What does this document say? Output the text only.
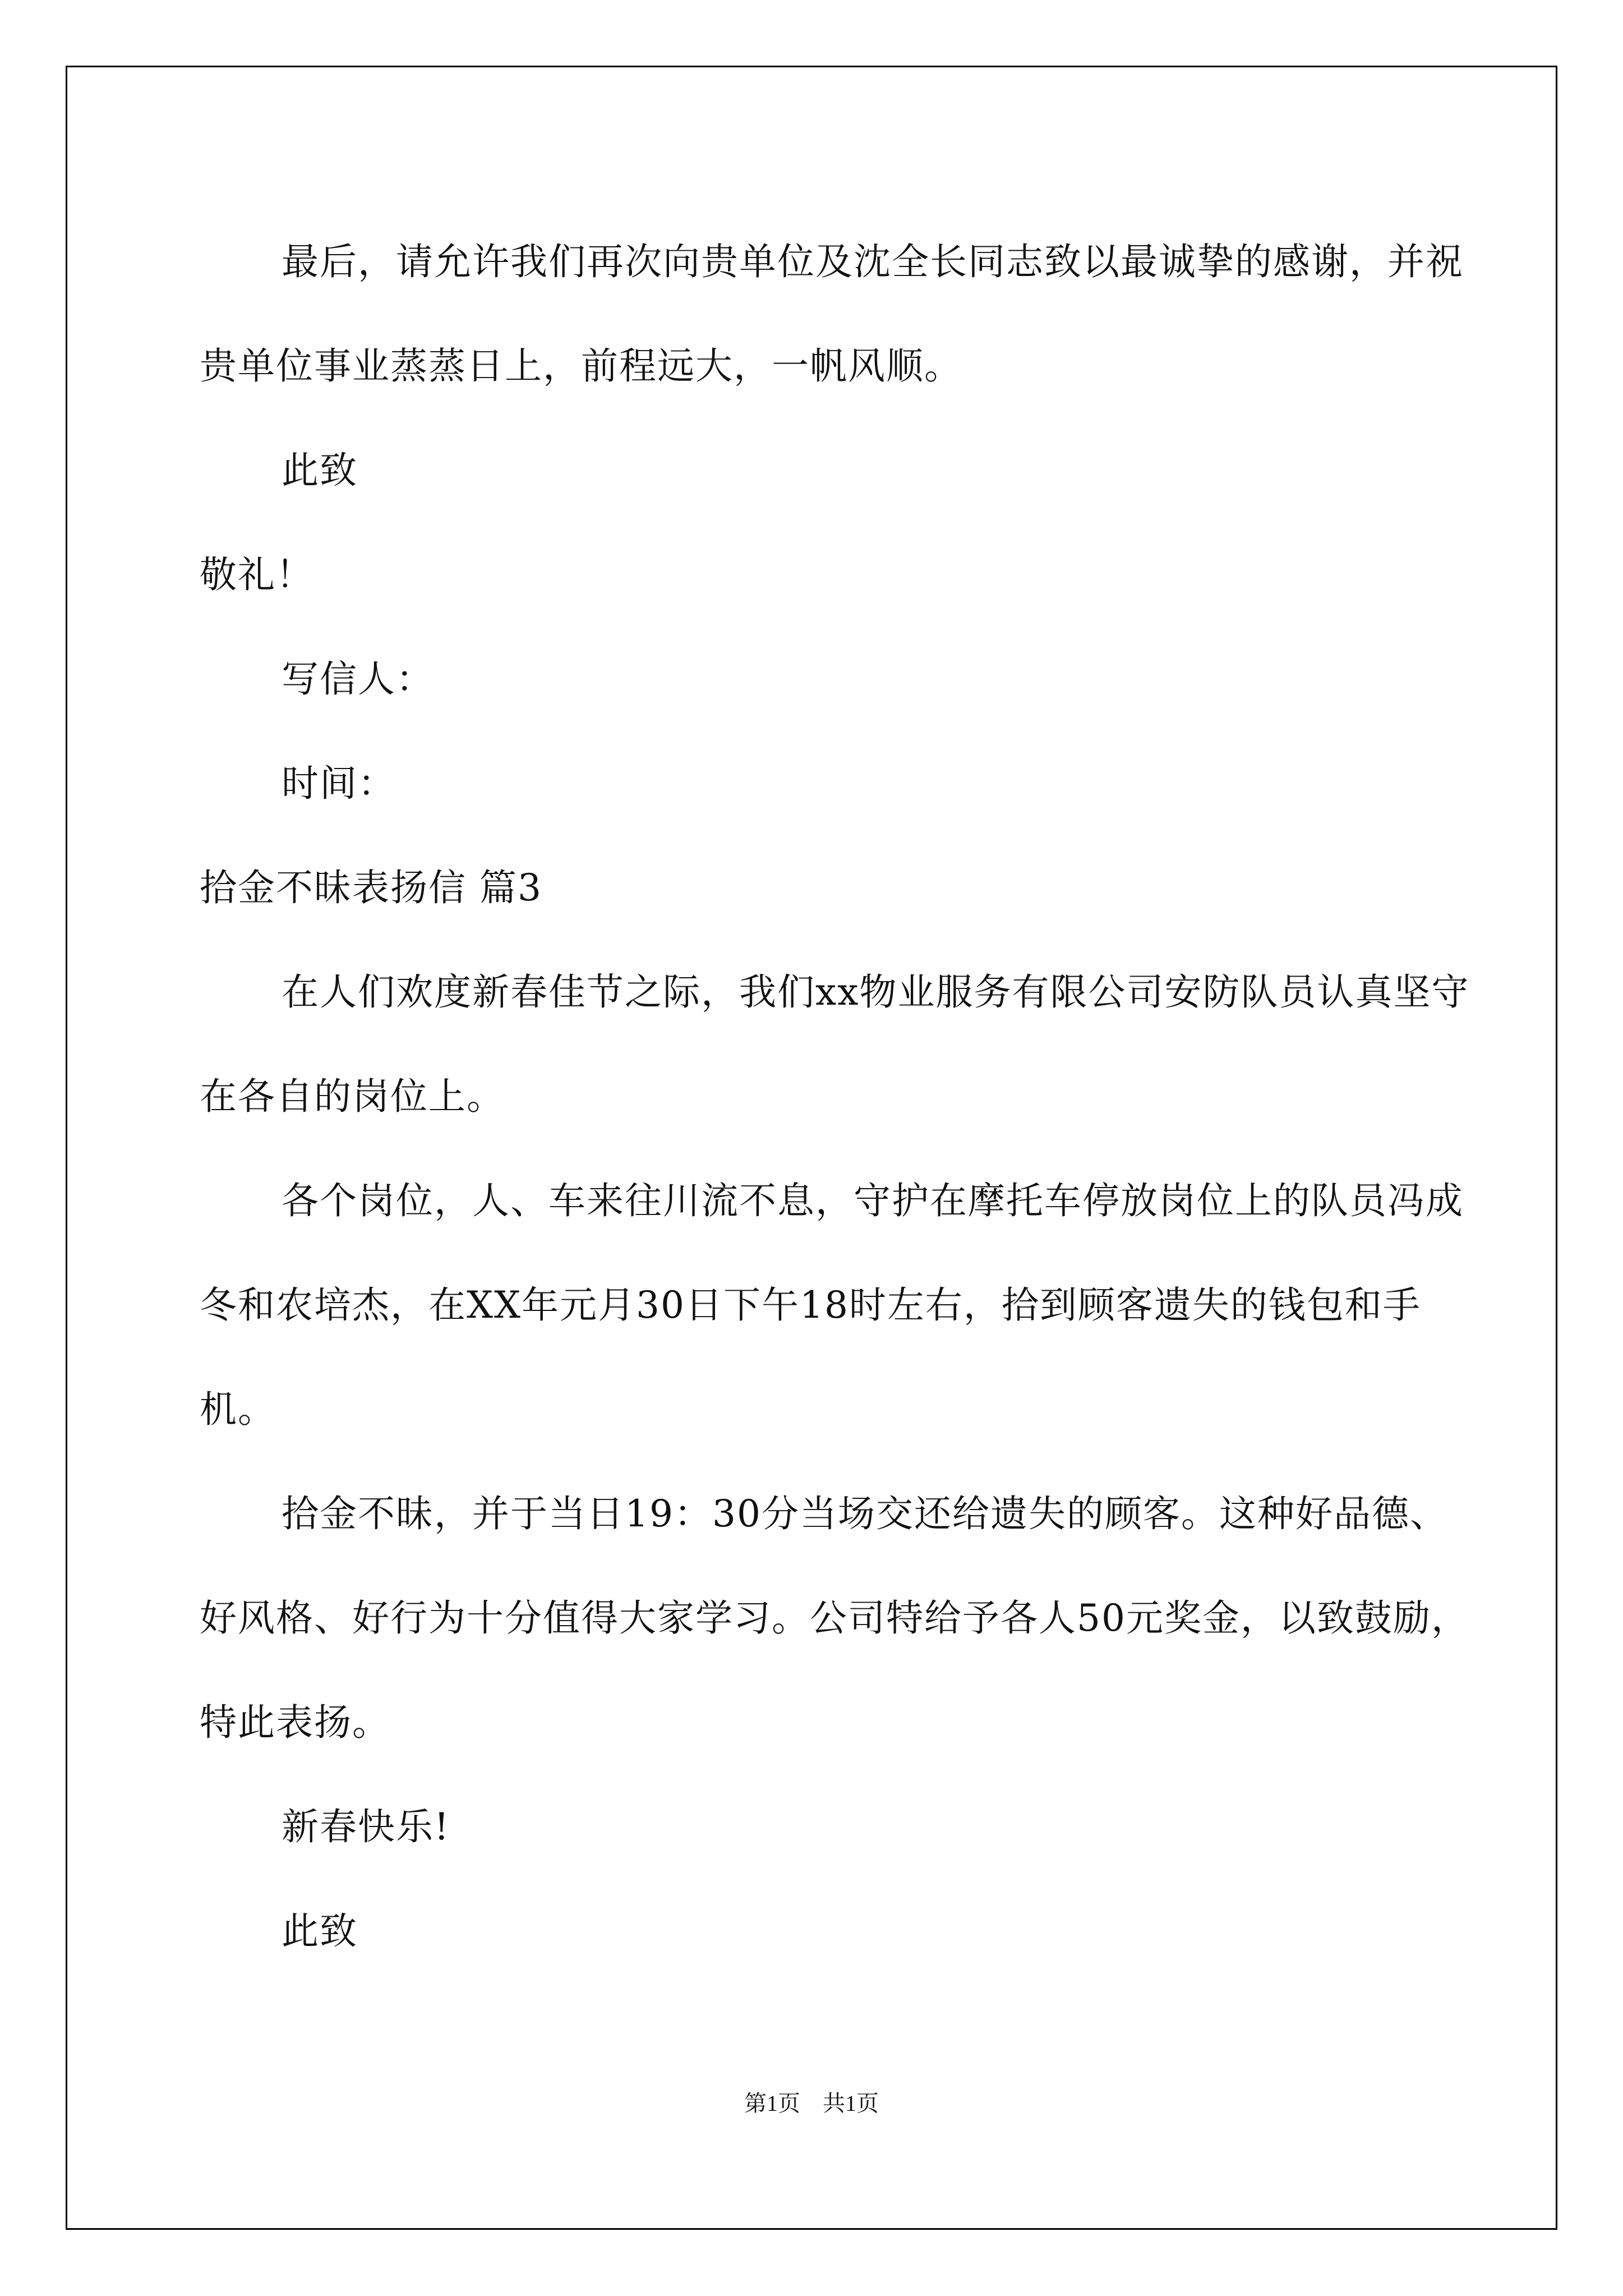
最后，请允许我们再次向贵单位及沈全长同志致以最诚挚的感谢，并祝贵单位事业蒸蒸日上，前程远大，一帆风顺。

此致

敬礼！

写信人：

时间：

拾金不昧表扬信 篇3

在人们欢度新春佳节之际，我们xx物业服务有限公司安防队员认真坚守在各自的岗位上。

各个岗位，人、车来往川流不息，守护在摩托车停放岗位上的队员冯成冬和农培杰，在XX年元月30日下午18时左右，拾到顾客遗失的钱包和手机。

拾金不昧，并于当日19：30分当场交还给遗失的顾客。这种好品德、好风格、好行为十分值得大家学习。公司特给予各人50元奖金，以致鼓励，特此表扬。

新春快乐!

此致

第1页　共1页
